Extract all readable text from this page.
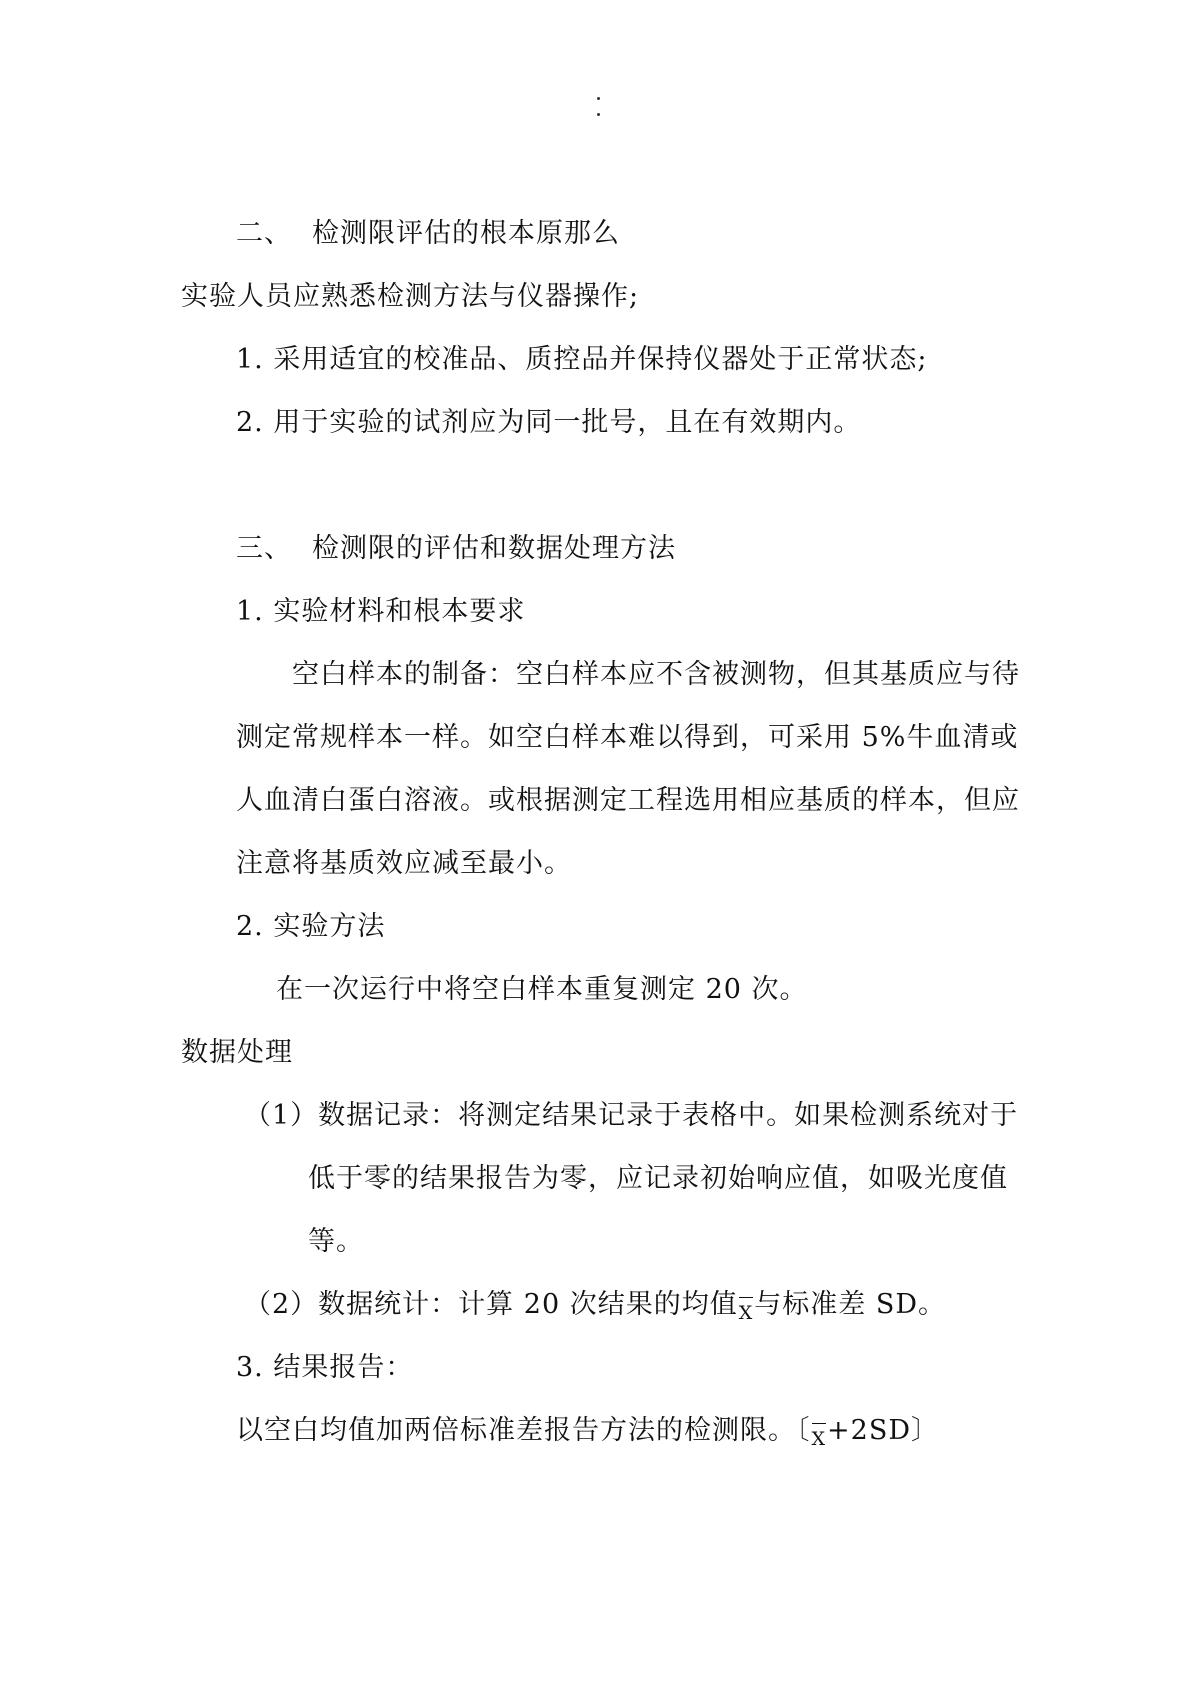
二、 检测限评估的根本原那么
实验人员应熟悉检测方法与仪器操作;
1. 采用适宜的校准品、质控品并保持仪器处于正常状态;
2. 用于实验的试剂应为同一批号，且在有效期内。
三、 检测限的评估和数据处理方法
1. 实验材料和根本要求
空白样本的制备：空白样本应不含被测物，但其基质应与待
测定常规样本一样。如空白样本难以得到，可采用 5%牛血清或
人血清白蛋白溶液。或根据测定工程选用相应基质的样本，但应
注意将基质效应减至最小。
2. 实验方法
在一次运行中将空白样本重复测定 20 次。
数据处理
（1）数据记录：将测定结果记录于表格中。如果检测系统对于
低于零的结果报告为零，应记录初始响应值，如吸光度值
等。
（2）数据统计：计算 20 次结果的均值X与标准差 SD。
3. 结果报告：
以空白均值加两倍标准差报告方法的检测限。〔X+2SD〕
